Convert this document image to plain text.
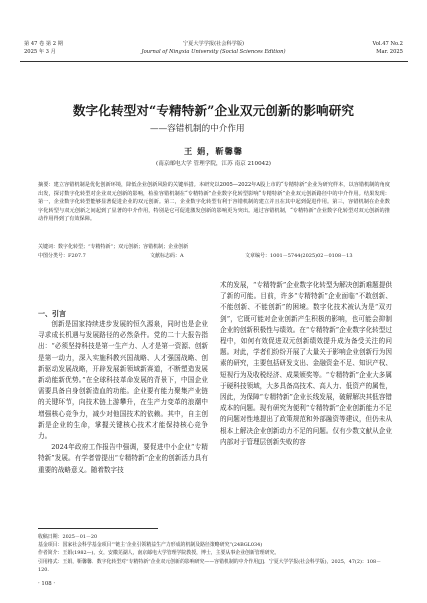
第 47 卷 第 2 期
2025 年 3 月
宁夏大学学报(社会科学版)
Journal of Ningxia University (Social Sciences Edition)
Vol.47 No.2
Mar. 2025
数字化转型对“专精特新”企业双元创新的影响研究
——容错机制的中介作用
王 娟，靳馨馨
(南京邮电大学 管理学院，江苏 南京 210042)
摘要：建立容错机制是优化创新环境，降低企业创新风险的关键举措。本研究以2005—2022年A股上市的“专精特新”企业为研究样本，以容错机制的角度出发，探讨数字化转型对企业双元创新的影响，检验容错机制在“专精特新”企业数字化转型影响“专精特新”企业双元创新路径中的中介作用。结果发现：第一，企业数字化转型能够显著促进企业的双元创新。第二，企业数字化转型有利于容错机制的建立并且在其中起到促进作用。第三，容错机制在企业数字化转型与双元创新之间起到了显著的中介作用，特别是它可促进激发创新的影响更为突出。通过容错机制，“专精特新”企业数字化转型对双元创新的推动作用得到了有效保障。
关键词：数字化转型；“专精特新”；双元创新；容错机制；企业创新
中图分类号：F207.7	文献标志码：A	文章编号：1001－5744(2025)02－0108－13
一、引言

创新是国家持续进步发展的恒久源泉，同时也是企业寻求成长机遇与发展路径的必然条件。党的二十大报告指出：“必须坚持科技是第一生产力、人才是第一资源、创新是第一动力，深入实施科教兴国战略、人才强国战略、创新驱动发展战略，开辟发展新领域新赛道，不断塑造发展新动能新优势。”在全球科技革命发展的背景下，中国企业需要具备自身创新造血的功能。企业要有能力聚集产业链的关键环节，向技术链上游攀升，在生产力变革的浪潮中增强核心竞争力，减少对他国技术的依赖。其中，自主创新是企业的生命，掌握关键核心技术才能保持核心竞争力。

2024年政府工作报告中强调，要促进中小企业“专精特新”发展。有学者曾提出“专精特新”企业的创新活力具有重要的战略意义。随着数字技

术的发展，“专精特新”企业数字化转型为解决创新难题提供了新的可能。目前，许多“专精特新”企业面临“不敢创新、不能创新、不能创新”的困境。数字化技术被认为是“双刃剑”，它既可能对企业创新产生积极的影响，也可能会抑制企业的创新积极性与绩效。在“专精特新”企业数字化转型过程中，如何有效促进双元创新绩效提升成为备受关注的问题。对此，学者们纷纷开展了大量关于影响企业创新行为因素的研究，主要包括研发支出、金融资金不足、知识产权、短视行为及收税经济、成果颁奖等。“专精特新”企业大多属于硬科技领域，大多具备高技术、高人力、低资产的属性，因此，为保障“专精特新”企业长线发展，破解解决其低容错成本的问题。现有研究为便利“专精特新”企业创新能力不足的问题对性地提出了政策规范和外部融资等建议，但仍未从根本上解决企业创新动力不足的问题。仅有少数文献从企业内部对于管理层创新失败的容

收稿日期：2025－01－20
基金项目：国家社会科学基金项目“‘链主’企业引领精益生产力形成的机制及路径策略研究”(24BGL034)
作者简介：王娟(1982—)，女，安徽芜湖人，南京邮电大学管理学院教授，博士，主要从事企业创新管理研究。
引用格式：王娟，靳馨馨．数字化转型对“专精特新”企业双元创新的影响研究——容错机制的中介作用[J]．宁夏大学学报(社会科学版)，2025，47(2)：108－120.
· 108 ·
